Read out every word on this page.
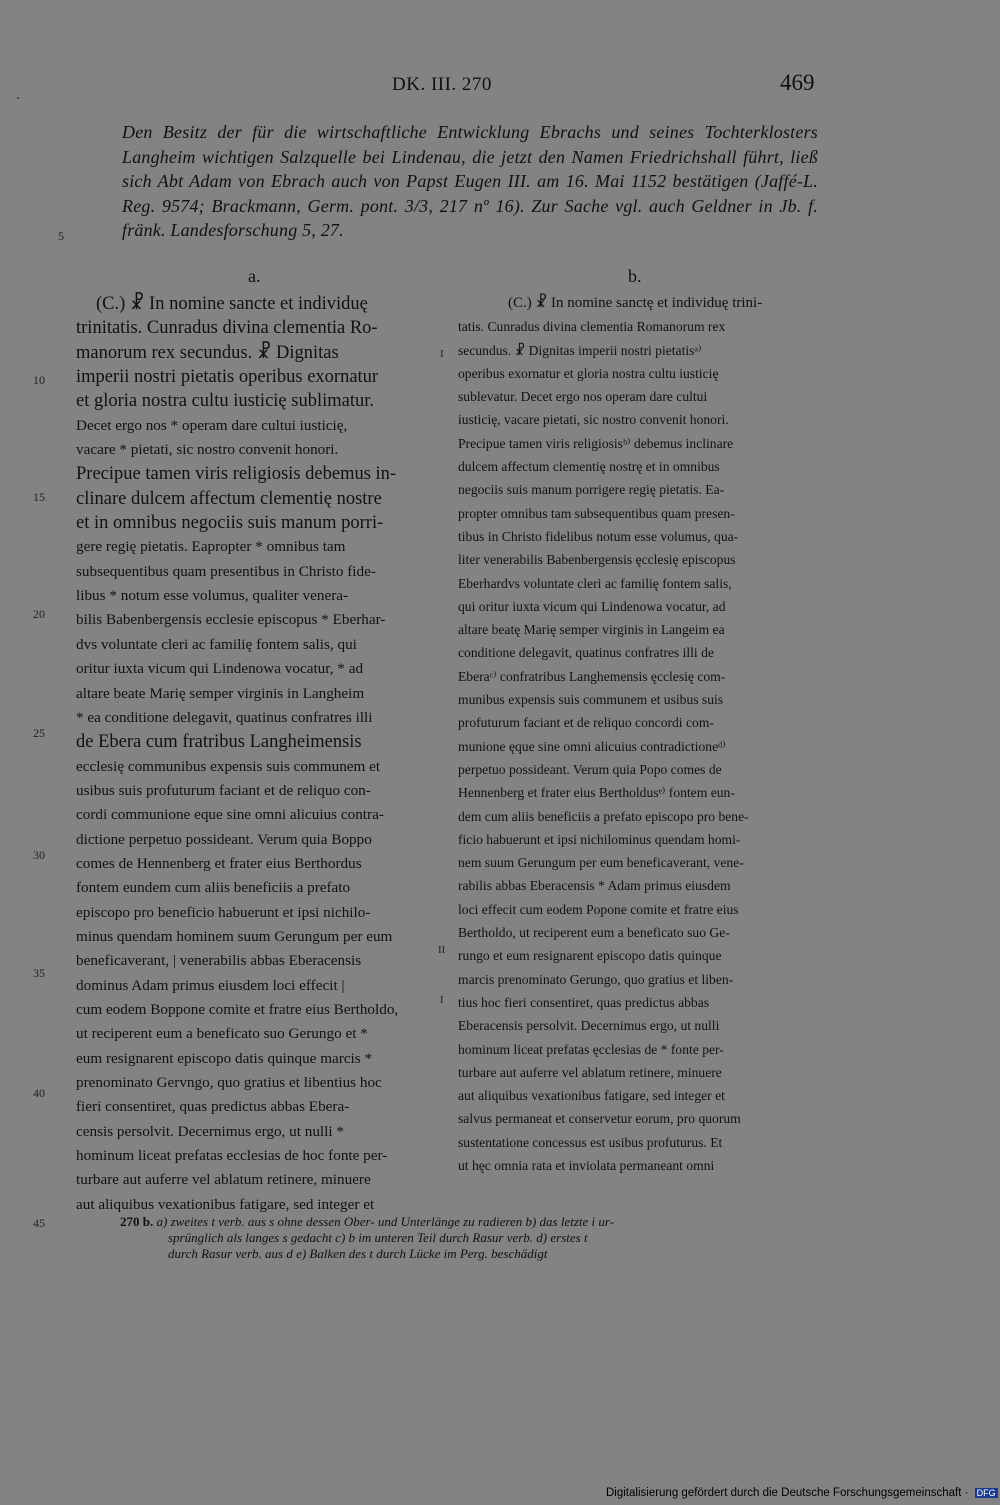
DK. III. 270	469
Den Besitz der für die wirtschaftliche Entwicklung Ebrachs und seines Tochterklosters Langheim wichtigen Salzquelle bei Lindenau, die jetzt den Namen Friedrichshall führt, ließ sich Abt Adam von Ebrach auch von Papst Eugen III. am 16. Mai 1152 bestätigen (Jaffé-L. Reg. 9574; Brackmann, Germ. pont. 3/3, 217 nº 16). Zur Sache vgl. auch Geldner in Jb. f. fränk. Landesforschung 5, 27.
a.	b.
5
10
15
20
25
30
35
40
45
I
II
I
(C.) ☧ In nomine sancte et individuę
trinitatis. Cunradus divina clementia Ro-
manorum rex secundus. ☧ Dignitas
imperii nostri pietatis operibus exornatur
et gloria nostra cultu iusticię sublimatur.
Decet ergo nos * operam dare cultui iusticię,
vacare * pietati, sic nostro convenit honori.
Precipue tamen viris religiosis debemus in-
clinare dulcem affectum clementię nostre
et in omnibus negociis suis manum porri-
gere regię pietatis. Eapropter * omnibus tam
subsequentibus quam presentibus in Christo fide-
libus * notum esse volumus, qualiter venera-
bilis Babenbergensis ecclesie episcopus * Eberhar-
dvs voluntate cleri ac familię fontem salis, qui
oritur iuxta vicum qui Lindenowa vocatur, * ad
altare beate Marię semper virginis in Langheim
* ea conditione delegavit, quatinus confratres illi
de Ebera cum fratribus Langheimensis
ecclesię communibus expensis suis communem et
usibus suis profuturum faciant et de reliquo con-
cordi communione eque sine omni alicuius contra-
dictione perpetuo possideant. Verum quia Boppo
comes de Hennenberg et frater eius Berthordus
fontem eundem cum aliis beneficiis a prefato
episcopo pro beneficio habuerunt et ipsi nichilo-
minus quendam hominem suum Gerungum per eum
beneficaverant, | venerabilis abbas Eberacensis
dominus Adam primus eiusdem loci effecit |
cum eodem Boppone comite et fratre eius Bertholdo,
ut reciperent eum a beneficato suo Gerungo et *
eum resignarent episcopo datis quinque marcis *
prenominato Gervngo, quo gratius et libentius hoc
fieri consentiret, quas predictus abbas Ebera-
censis persolvit. Decernimus ergo, ut nulli *
hominum liceat prefatas ecclesias de hoc fonte per-
turbare aut auferre vel ablatum retinere, minuere
aut aliquibus vexationibus fatigare, sed integer et
(C.) ☧ In nomine sanctę et individuę trini-
tatis. Cunradus divina clementia Romanorum rex
secundus. ☧ Dignitas imperii nostri pietatisᵃ⁾
operibus exornatur et gloria nostra cultu iusticię
sublevatur. Decet ergo nos operam dare cultui
iusticię, vacare pietati, sic nostro convenit honori.
Precipue tamen viris religiosisᵇ⁾ debemus inclinare
dulcem affectum clementię nostrę et in omnibus
negociis suis manum porrigere regię pietatis. Ea-
propter omnibus tam subsequentibus quam presen-
tibus in Christo fidelibus notum esse volumus, qua-
liter venerabilis Babenbergensis ęcclesię episcopus
Eberhardvs voluntate cleri ac familię fontem salis,
qui oritur iuxta vicum qui Lindenowa vocatur, ad
altare beatę Marię semper virginis in Langeim ea
conditione delegavit, quatinus confratres illi de
Eberaᶜ⁾ confratribus Langhemensis ęcclesię com-
munibus expensis suis communem et usibus suis
profuturum faciant et de reliquo concordi com-
munione ęque sine omni alicuius contradictioneᵈ⁾
perpetuo possideant. Verum quia Popo comes de
Hennenberg et frater eius Bertholdusᵉ⁾ fontem eun-
dem cum aliis beneficiis a prefato episcopo pro bene-
ficio habuerunt et ipsi nichilominus quendam homi-
nem suum Gerungum per eum beneficaverant, vene-
rabilis abbas Eberacensis * Adam primus eiusdem
loci effecit cum eodem Popone comite et fratre eius
Bertholdo, ut reciperent eum a beneficato suo Ge-
rungo et eum resignarent episcopo datis quinque
marcis prenominato Gerungo, quo gratius et liben-
tius hoc fieri consentiret, quas predictus abbas
Eberacensis persolvit. Decernimus ergo, ut nulli
hominum liceat prefatas ęcclesias de * fonte per-
turbare aut auferre vel ablatum retinere, minuere
aut aliquibus vexationibus fatigare, sed integer et
salvus permaneat et conservetur eorum, pro quorum
sustentatione concessus est usibus profuturus. Et
ut hęc omnia rata et inviolata permaneant omni
270 b. a) zweites t verb. aus s ohne dessen Ober- und Unterlänge zu radieren b) das letzte i ur-
sprünglich als langes s gedacht c) b im unteren Teil durch Rasur verb. d) erstes t
durch Rasur verb. aus d e) Balken des t durch Lücke im Perg. beschädigt
Digitalisierung gefördert durch die Deutsche Forschungsgemeinschaft · DFG
